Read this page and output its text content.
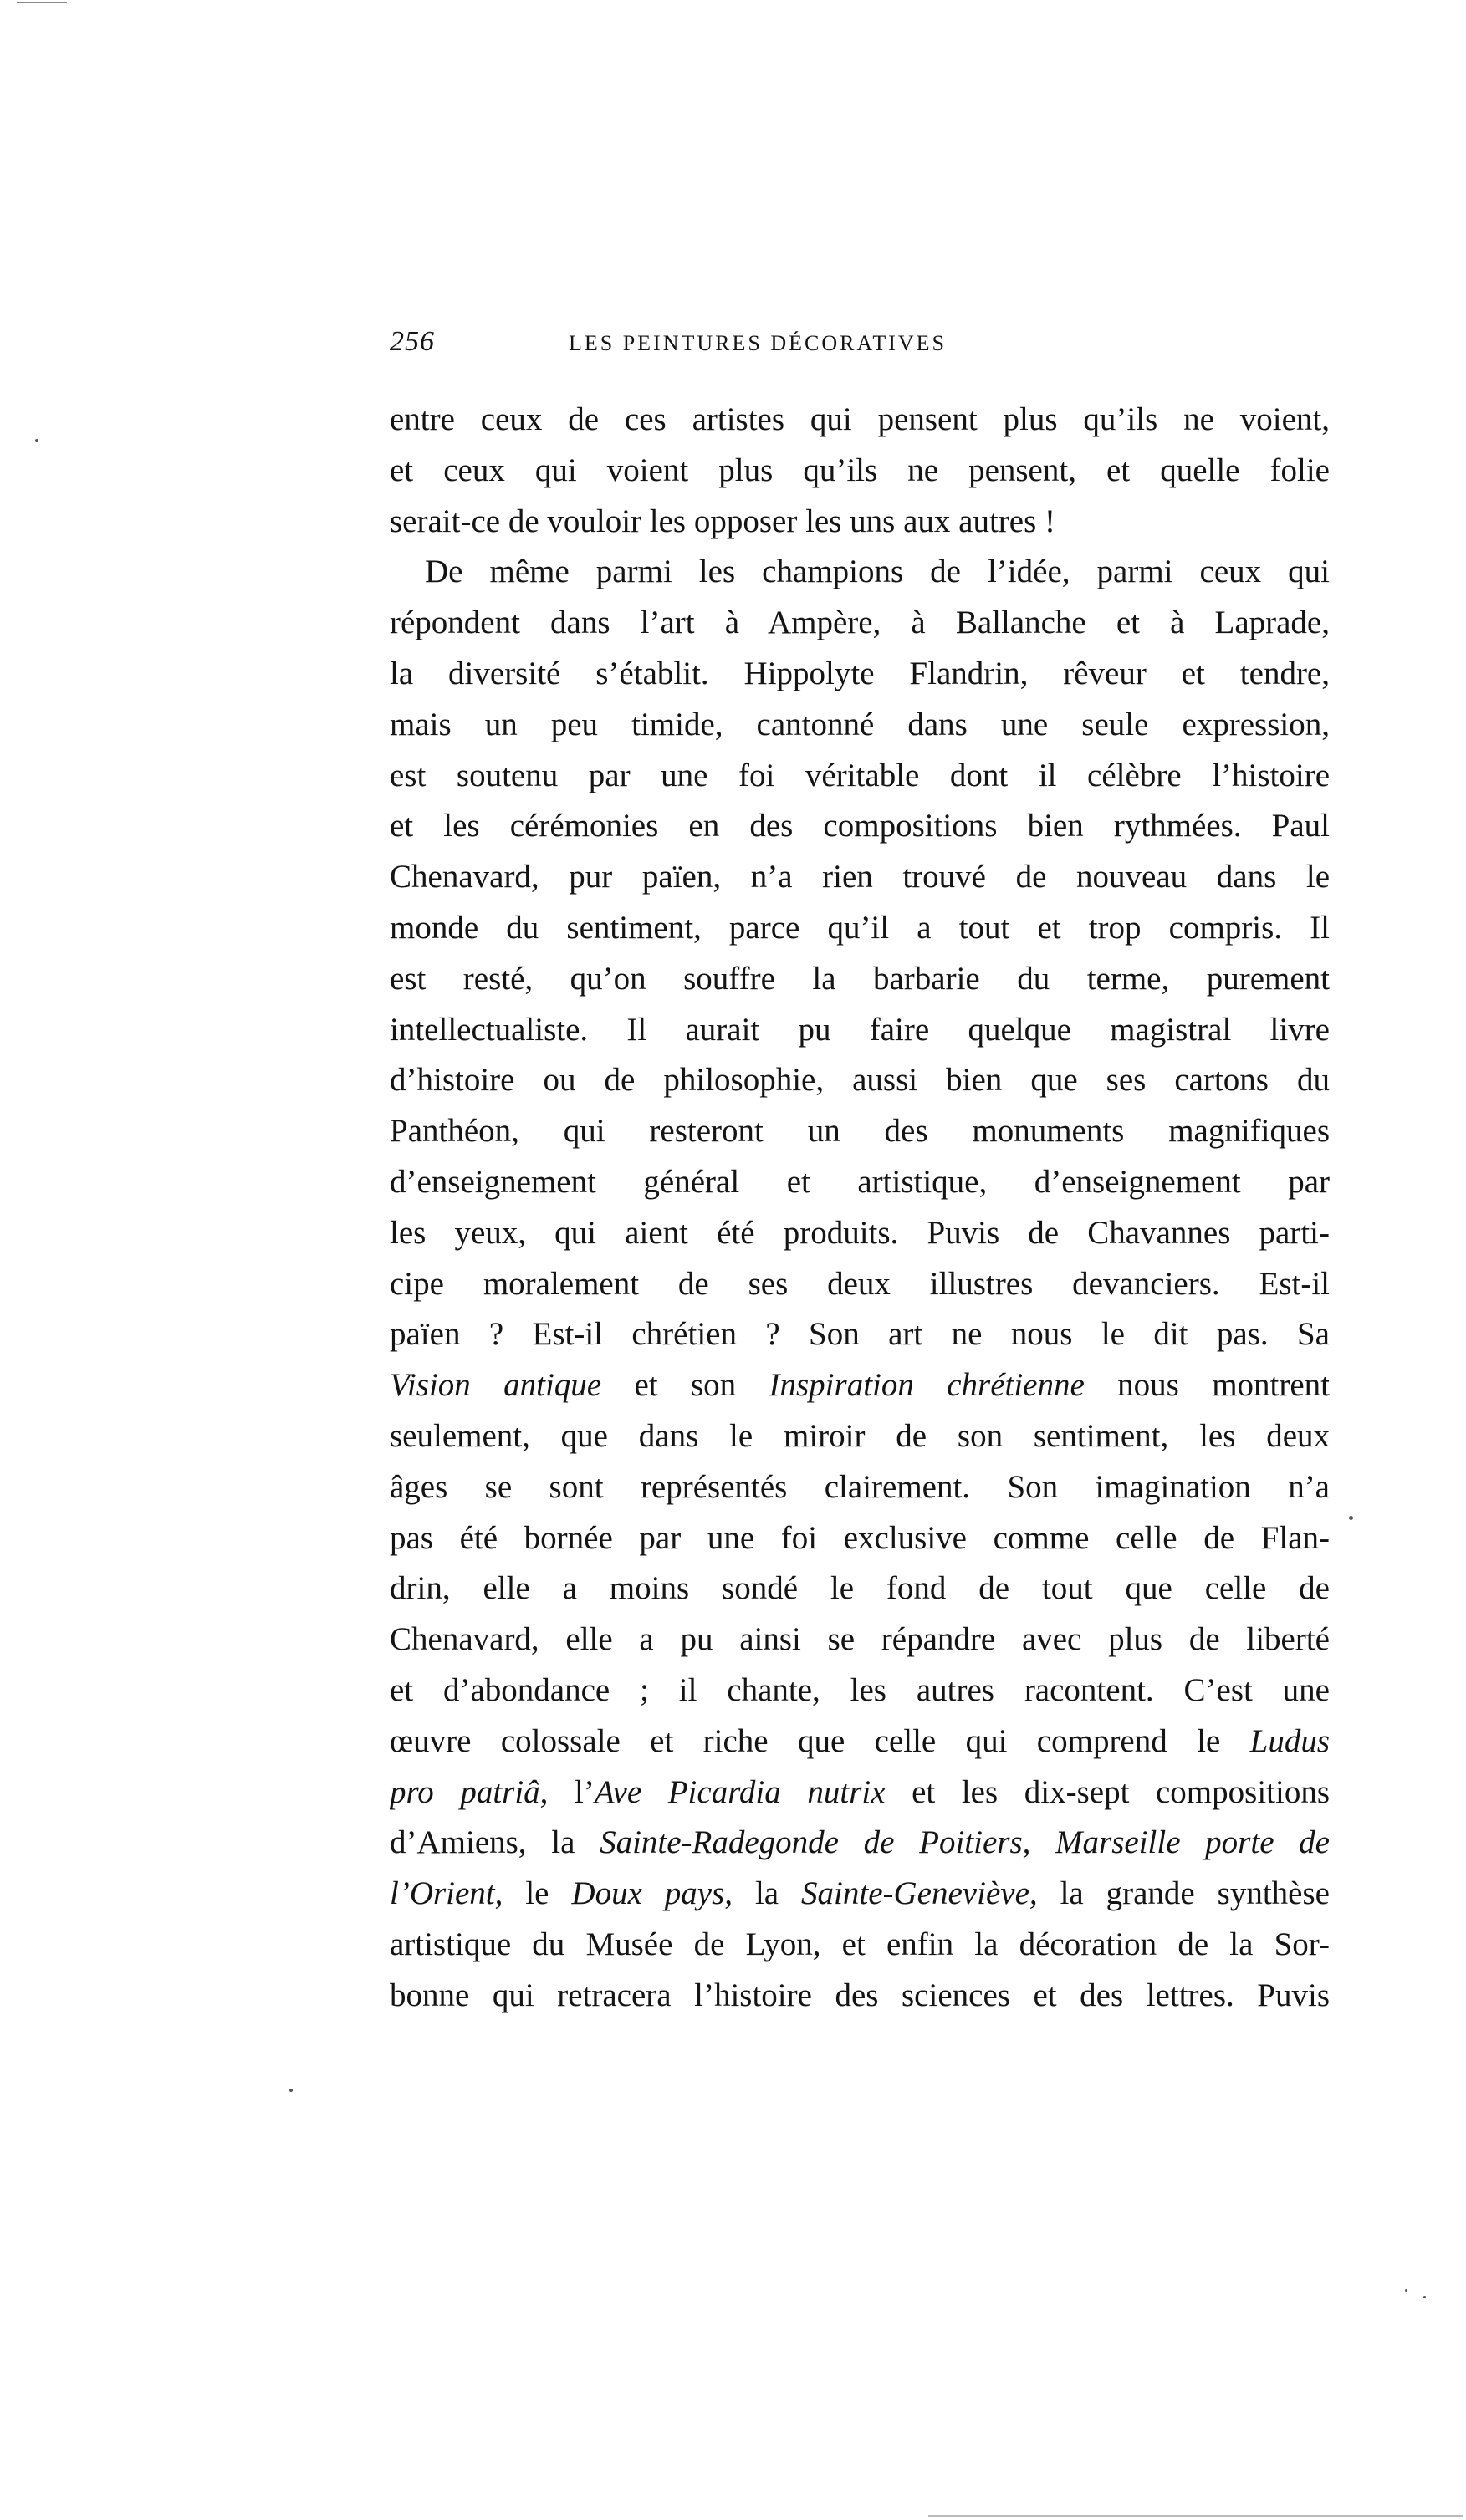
256	LES PEINTURES DÉCORATIVES
entre ceux de ces artistes qui pensent plus qu’ils ne voient,
et ceux qui voient plus qu’ils ne pensent, et quelle folie
serait-ce de vouloir les opposer les uns aux autres !
De même parmi les champions de l’idée, parmi ceux qui
répondent dans l’art à Ampère, à Ballanche et à Laprade,
la diversité s’établit. Hippolyte Flandrin, rêveur et tendre,
mais un peu timide, cantonné dans une seule expression,
est soutenu par une foi véritable dont il célèbre l’histoire
et les cérémonies en des compositions bien rythmées. Paul
Chenavard, pur païen, n’a rien trouvé de nouveau dans le
monde du sentiment, parce qu’il a tout et trop compris. Il
est resté, qu’on souffre la barbarie du terme, purement
intellectualiste. Il aurait pu faire quelque magistral livre
d’histoire ou de philosophie, aussi bien que ses cartons du
Panthéon, qui resteront un des monuments magnifiques
d’enseignement général et artistique, d’enseignement par
les yeux, qui aient été produits. Puvis de Chavannes parti-
cipe moralement de ses deux illustres devanciers. Est-il
païen ? Est-il chrétien ? Son art ne nous le dit pas. Sa
Vision antique et son Inspiration chrétienne nous montrent
seulement, que dans le miroir de son sentiment, les deux
âges se sont représentés clairement. Son imagination n’a
pas été bornée par une foi exclusive comme celle de Flan-
drin, elle a moins sondé le fond de tout que celle de
Chenavard, elle a pu ainsi se répandre avec plus de liberté
et d’abondance ; il chante, les autres racontent. C’est une
œuvre colossale et riche que celle qui comprend le Ludus
pro patriâ, l’Ave Picardia nutrix et les dix-sept compositions
d’Amiens, la Sainte-Radegonde de Poitiers, Marseille porte de
l’Orient, le Doux pays, la Sainte-Geneviève, la grande synthèse
artistique du Musée de Lyon, et enfin la décoration de la Sor-
bonne qui retracera l’histoire des sciences et des lettres. Puvis
